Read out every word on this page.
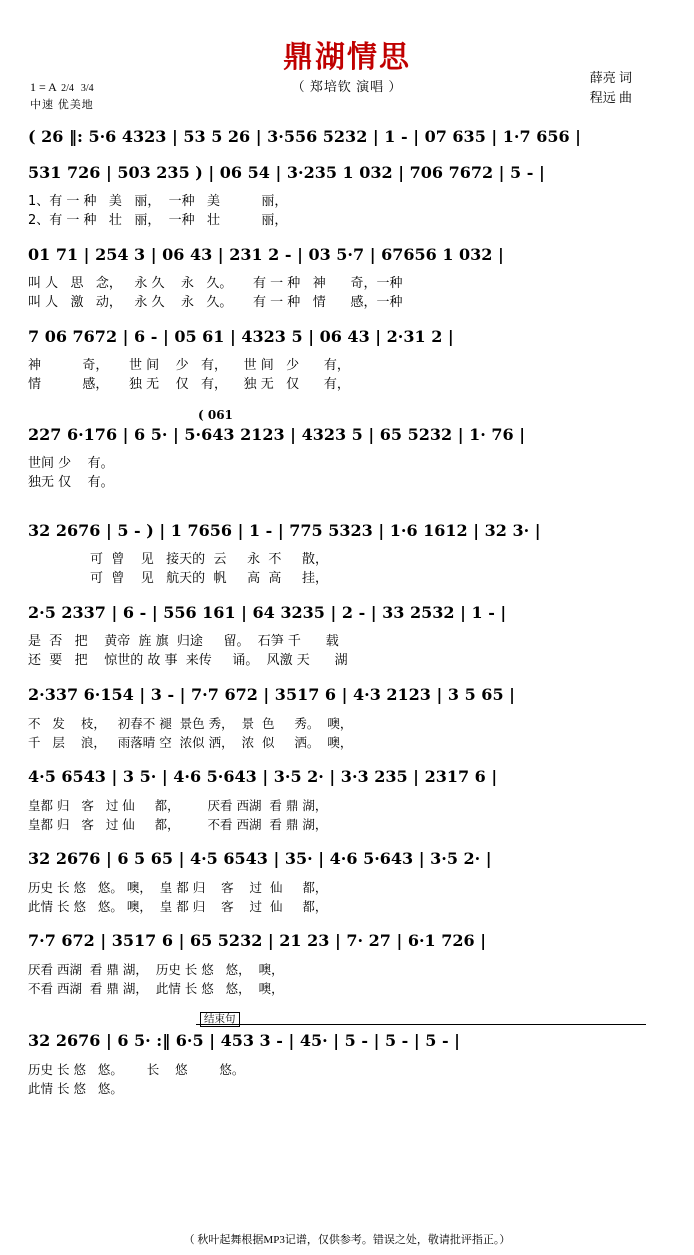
鼎湖情思
（ 郑培钦 演唱 ）
薛亮 词
程远 曲
1 = A 2/4 3/4
中速 优美地
( 26 ‖: 5·6 4323 | 53 5 26 | 3·556 5232 | 1 - | 07 635 | 1·7 656 |
531 726 | 503 235 ) | 06 54 | 3·235 1 032 | 706 7672 | 5 - |
1、有 一 种   美   丽，  一种   美          丽，
2、有 一 种   壮   丽，  一种   壮          丽，
01 71 | 254 3 | 06 43 | 231 2 - | 03 5·7 | 67656 1 032 |
叫 人   思   念，   永 久    永   久。     有 一 种   神      奇，一种
叫 人   激   动，   永 久    永   久。     有 一 种   情      感，一种
7 06 7672 | 6 - | 05 61 | 4323 5 | 06 43 | 2·31 2 |
神          奇，     世 间    少   有，    世 间   少      有，
情          感，     独 无    仅   有，    独 无   仅      有，
( 061
227 6·176 | 6 5· | 5·643 2123 | 4323 5 | 65 5232 | 1· 76 |
世间 少    有。
独无 仅    有。
32 2676 | 5 - ) | 1 7656 | 1 - | 775 5323 | 1·6 1612 | 32 3· |
可  曾    见   接天的  云     永  不     散，
可  曾    见   航天的  帆     高  高     挂，
2·5 2337 | 6 - | 556 161 | 64 3235 | 2 - | 33 2532 | 1 - |
是  否   把    黄帝  旌 旗  归途     留。  石笋 千      载
还  要   把    惊世的 故 事  来传     诵。  风激 天      湖
2·337 6·154 | 3 - | 7·7 672 | 3517 6 | 4·3 2123 | 3 5 65 |
不   发    枝，   初春不 褪  景色 秀，  景  色     秀。  噢，
千   层    浪，   雨落晴 空  浓似 洒，  浓  似     洒。  噢，
4·5 6543 | 3 5· | 4·6 5·643 | 3·5 2· | 3·3 235 | 2317 6 |
皇都 归   客   过 仙     都，       厌看 西湖  看 鼎 湖，
皇都 归   客   过 仙     都，       不看 西湖  看 鼎 湖，
32 2676 | 6 5 65 | 4·5 6543 | 35· | 4·6 5·643 | 3·5 2· |
历史 长 悠   悠。 噢，  皇 都 归    客    过  仙     都，
此情 长 悠   悠。 噢，  皇 都 归    客    过  仙     都，
7·7 672 | 3517 6 | 65 5232 | 21 23 | 7· 27 | 6·1 726 |
厌看 西湖  看 鼎 湖，  历史 长 悠   悠，  噢，
不看 西湖  看 鼎 湖，  此情 长 悠   悠，  噢，
结束句
32 2676 | 6 5· :‖ 6·5 | 453 3 - | 45· | 5 - | 5 - | 5 - |
历史 长 悠   悠。      长    悠        悠。
此情 长 悠   悠。
（ 秋叶起舞根据MP3记谱，仅供参考。错误之处，敬请批评指正。）
